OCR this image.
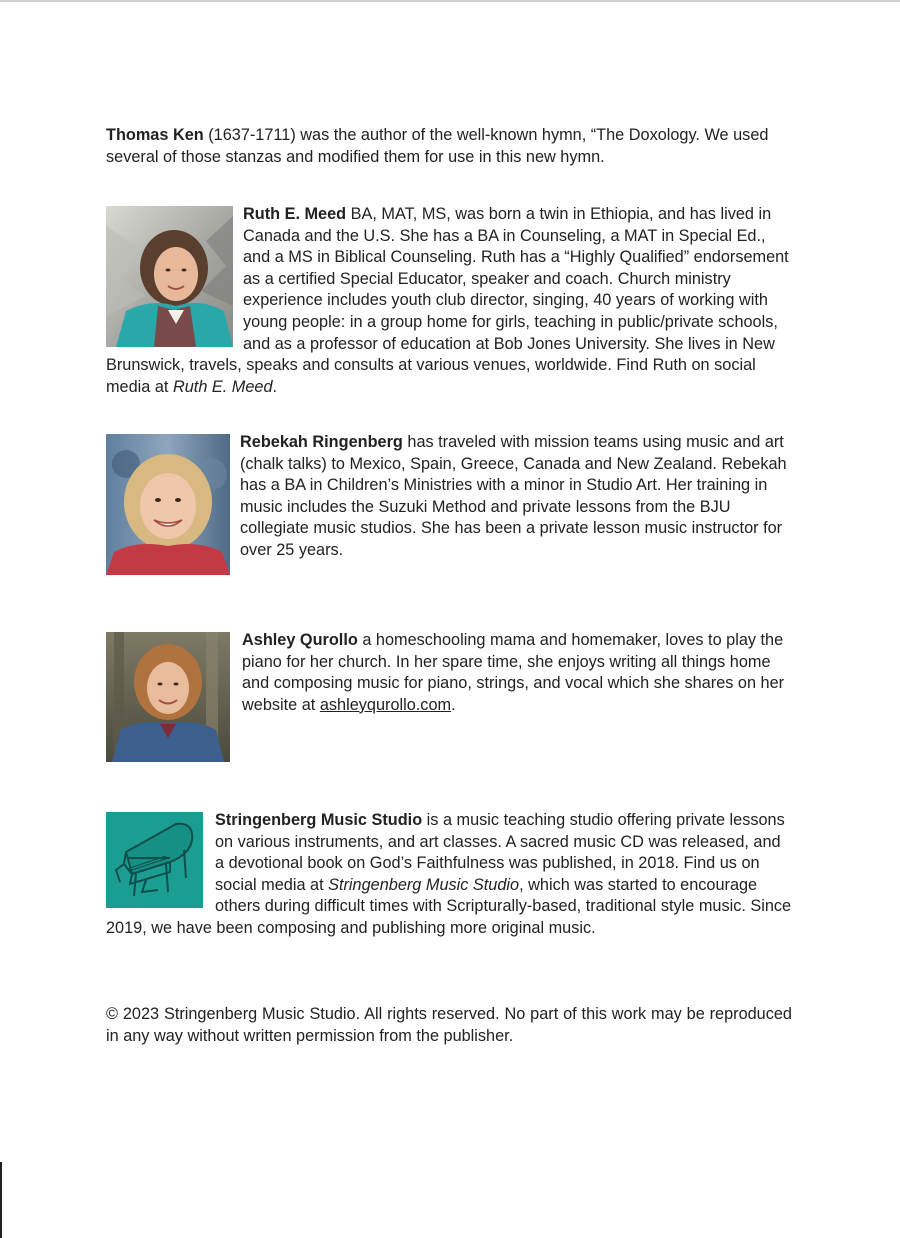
Thomas Ken (1637-1711) was the author of the well-known hymn, “The Doxology. We used several of those stanzas and modified them for use in this new hymn.

Ruth E. Meed BA, MAT, MS, was born a twin in Ethiopia, and has lived in Canada and the U.S. She has a BA in Counseling, a MAT in Special Ed., and a MS in Biblical Counseling. Ruth has a “Highly Qualified” endorsement as a certified Special Educator, speaker and coach. Church ministry experience includes youth club director, singing, 40 years of working with young people: in a group home for girls, teaching in public/private schools, and as a professor of education at Bob Jones University. She lives in New Brunswick, travels, speaks and consults at various venues, worldwide. Find Ruth on social media at Ruth E. Meed.

Rebekah Ringenberg has traveled with mission teams using music and art (chalk talks) to Mexico, Spain, Greece, Canada and New Zealand. Rebekah has a BA in Children’s Ministries with a minor in Studio Art. Her training in music includes the Suzuki Method and private lessons from the BJU collegiate music studios. She has been a private lesson music instructor for over 25 years.

Ashley Qurollo a homeschooling mama and homemaker, loves to play the piano for her church. In her spare time, she enjoys writing all things home and composing music for piano, strings, and vocal which she shares on her website at ashleyqurollo.com.

Stringenberg Music Studio is a music teaching studio offering private lessons on various instruments, and art classes. A sacred music CD was released, and a devotional book on God’s Faithfulness was published, in 2018. Find us on social media at Stringenberg Music Studio, which was started to encourage others during difficult times with Scripturally-based, traditional style music. Since 2019, we have been composing and publishing more original music.

© 2023 Stringenberg Music Studio. All rights reserved. No part of this work may be reproduced in any way without written permission from the publisher.
